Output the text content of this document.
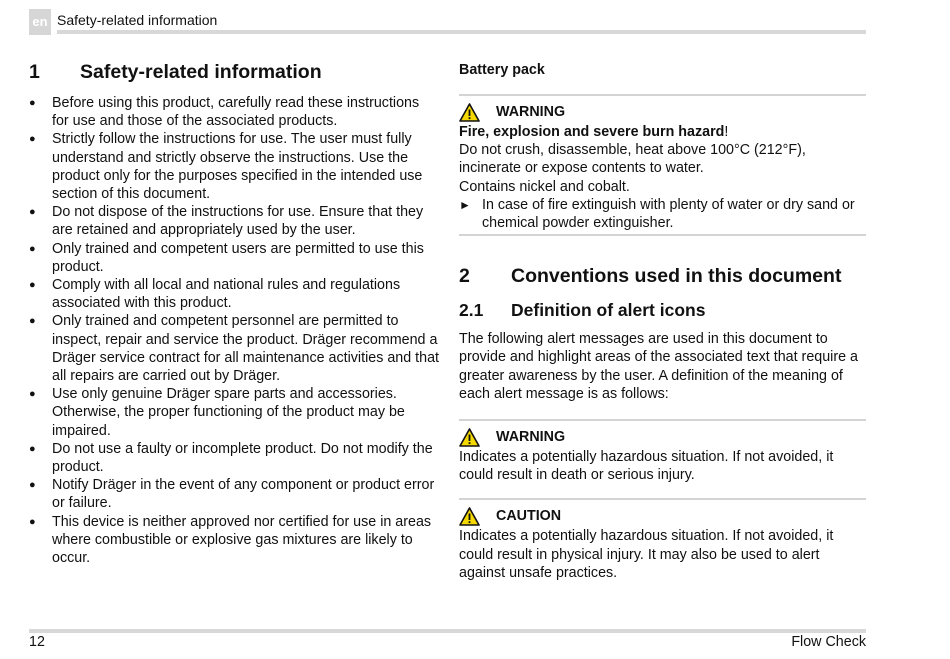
en Safety-related information
1 Safety-related information
● Before using this product, carefully read these instructions for use and those of the associated products.
● Strictly follow the instructions for use. The user must fully understand and strictly observe the instructions. Use the product only for the purposes specified in the intended use section of this document.
● Do not dispose of the instructions for use. Ensure that they are retained and appropriately used by the user.
● Only trained and competent users are permitted to use this product.
● Comply with all local and national rules and regulations associated with this product.
● Only trained and competent personnel are permitted to inspect, repair and service the product. Dräger recommend a Dräger service contract for all maintenance activities and that all repairs are carried out by Dräger.
● Use only genuine Dräger spare parts and accessories. Otherwise, the proper functioning of the product may be impaired.
● Do not use a faulty or incomplete product. Do not modify the product.
● Notify Dräger in the event of any component or product error or failure.
● This device is neither approved nor certified for use in areas where combustible or explosive gas mixtures are likely to occur.
Battery pack
WARNING

Fire, explosion and severe burn hazard!

Do not crush, disassemble, heat above 100°C (212°F), incinerate or expose contents to water.

Contains nickel and cobalt.

► In case of fire extinguish with plenty of water or dry sand or chemical powder extinguisher.
2 Conventions used in this document
2.1 Definition of alert icons

The following alert messages are used in this document to provide and highlight areas of the associated text that require a greater awareness by the user. A definition of the meaning of each alert message is as follows:

WARNING

Indicates a potentially hazardous situation. If not avoided, it could result in death or serious injury.

CAUTION

Indicates a potentially hazardous situation. If not avoided, it could result in physical injury. It may also be used to alert against unsafe practices.

12	Flow Check
